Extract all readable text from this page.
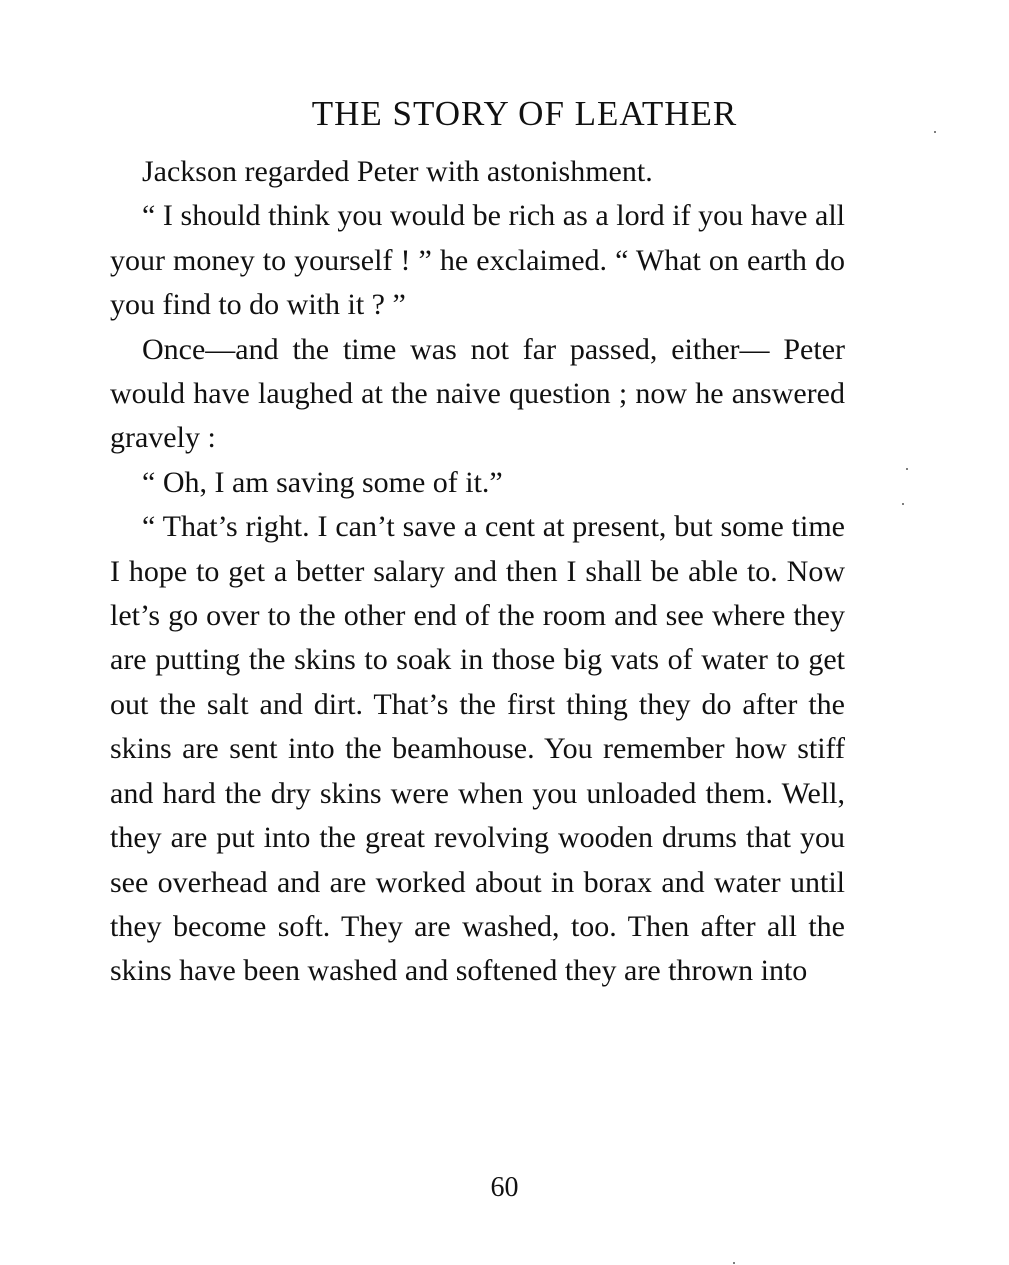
THE STORY OF LEATHER

Jackson regarded Peter with astonishment.

“ I should think you would be rich as a lord if you have all your money to yourself ! ” he exclaimed. “ What on earth do you find to do with it ? ”

Once—and the time was not far passed, either— Peter would have laughed at the naive question ; now he answered gravely :

“ Oh, I am saving some of it.”

“ That’s right. I can’t save a cent at present, but some time I hope to get a better salary and then I shall be able to. Now let’s go over to the other end of the room and see where they are putting the skins to soak in those big vats of water to get out the salt and dirt. That’s the first thing they do after the skins are sent into the beamhouse. You remember how stiff and hard the dry skins were when you unloaded them. Well, they are put into the great revolving wooden drums that you see overhead and are worked about in borax and water until they become soft. They are washed, too. Then after all the skins have been washed and softened they are thrown into

60
